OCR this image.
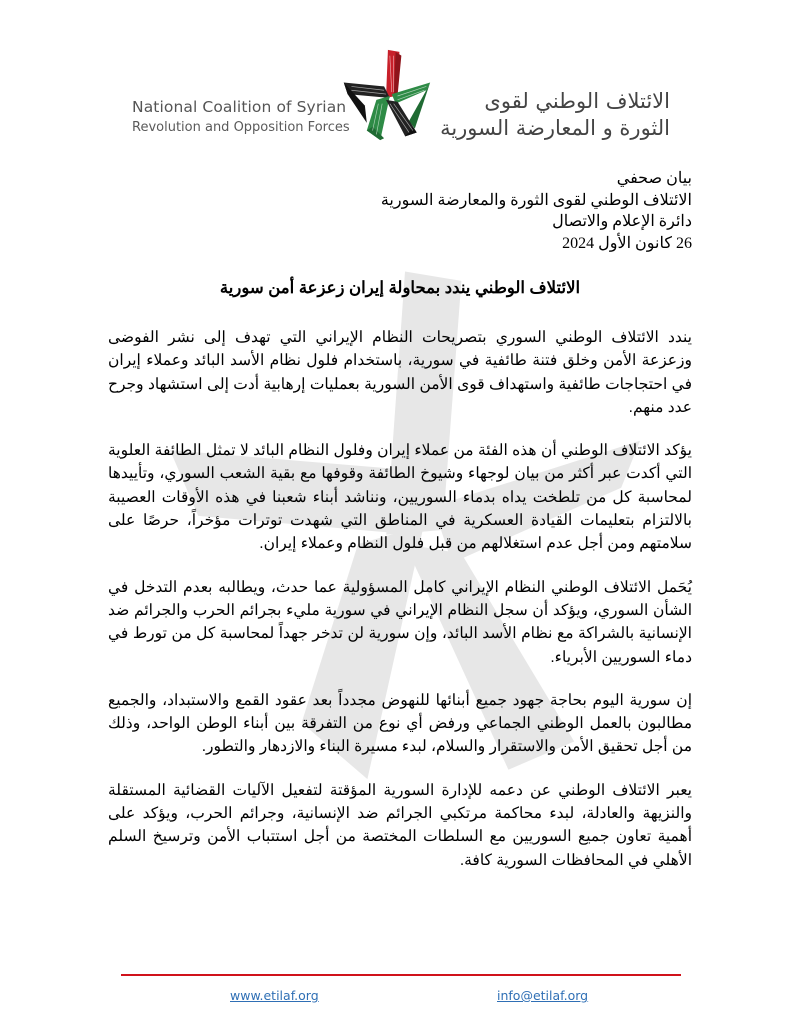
National Coalition of Syrian
Revolution and Opposition Forces
الائتلاف الوطني لقوى
الثورة و المعارضة السورية
بيان صحفي
الائتلاف الوطني لقوى الثورة والمعارضة السورية
دائرة الإعلام والاتصال
26 كانون الأول 2024
الائتلاف الوطني يندد بمحاولة إيران زعزعة أمن سورية

يندد الائتلاف الوطني السوري بتصريحات النظام الإيراني التي تهدف إلى نشر الفوضى وزعزعة الأمن وخلق فتنة طائفية في سورية، باستخدام فلول نظام الأسد البائد وعملاء إيران في احتجاجات طائفية واستهداف قوى الأمن السورية بعمليات إرهابية أدت إلى استشهاد وجرح عدد منهم.

يؤكد الائتلاف الوطني أن هذه الفئة من عملاء إيران وفلول النظام البائد لا تمثل الطائفة العلوية التي أكدت عبر أكثر من بيان لوجهاء وشيوخ الطائفة وقوفها مع بقية الشعب السوري، وتأييدها لمحاسبة كل من تلطخت يداه بدماء السوريين، ونناشد أبناء شعبنا في هذه الأوقات العصيبة بالالتزام بتعليمات القيادة العسكرية في المناطق التي شهدت توترات مؤخراً، حرصًا على سلامتهم ومن أجل عدم استغلالهم من قبل فلول النظام وعملاء إيران.

يُحَمل الائتلاف الوطني النظام الإيراني كامل المسؤولية عما حدث، ويطالبه بعدم التدخل في الشأن السوري، ويؤكد أن سجل النظام الإيراني في سورية مليء بجرائم الحرب والجرائم ضد الإنسانية بالشراكة مع نظام الأسد البائد، وإن سورية لن تدخر جهداً لمحاسبة كل من تورط في دماء السوريين الأبرياء.

إن سورية اليوم بحاجة جهود جميع أبنائها للنهوض مجدداً بعد عقود القمع والاستبداد، والجميع مطالبون بالعمل الوطني الجماعي ورفض أي نوع من التفرقة بين أبناء الوطن الواحد، وذلك من أجل تحقيق الأمن والاستقرار والسلام، لبدء مسيرة البناء والازدهار والتطور.

يعبر الائتلاف الوطني عن دعمه للإدارة السورية المؤقتة لتفعيل الآليات القضائية المستقلة والنزيهة والعادلة، لبدء محاكمة مرتكبي الجرائم ضد الإنسانية، وجرائم الحرب، ويؤكد على أهمية تعاون جميع السوريين مع السلطات المختصة من أجل استتباب الأمن وترسيخ السلم الأهلي في المحافظات السورية كافة.

www.etilaf.org	info@etilaf.org
